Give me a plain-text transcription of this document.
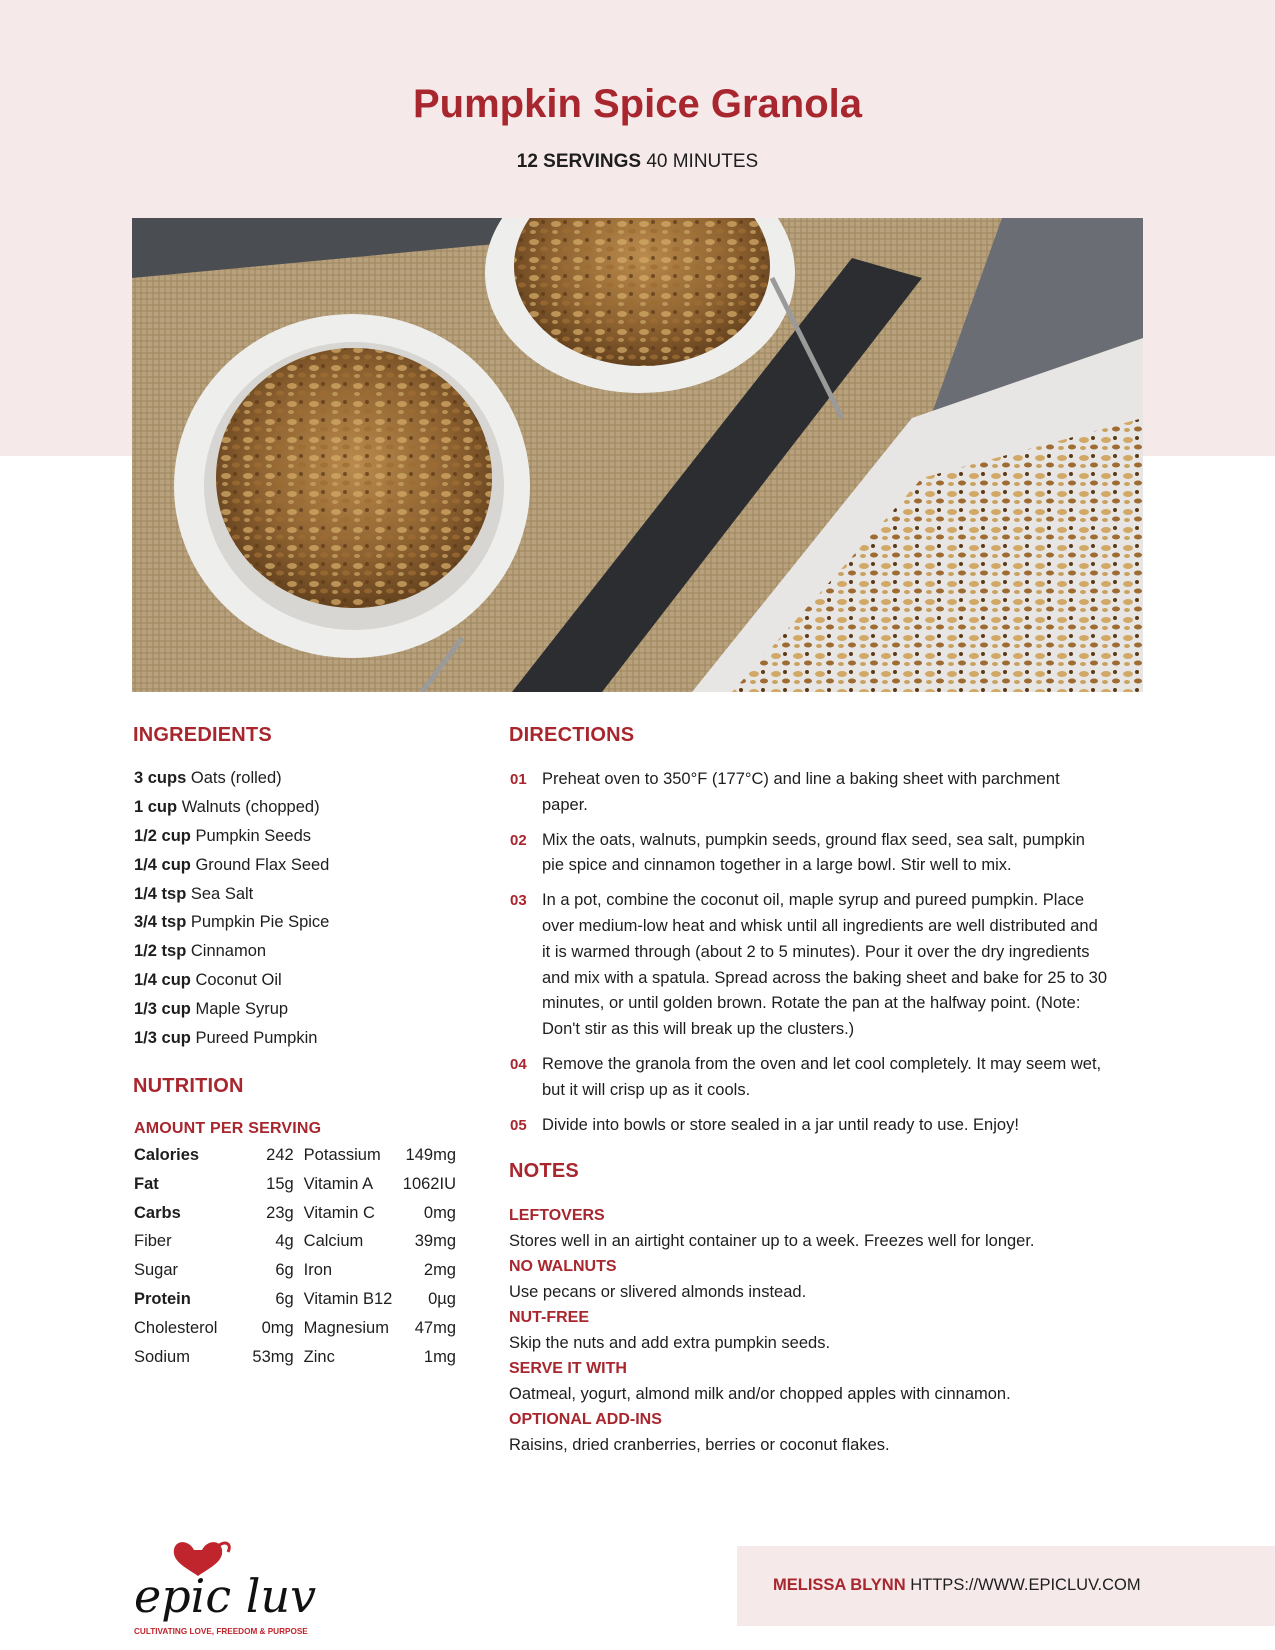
Pumpkin Spice Granola
12 SERVINGS 40 MINUTES
INGREDIENTS
3 cups Oats (rolled)
1 cup Walnuts (chopped)
1/2 cup Pumpkin Seeds
1/4 cup Ground Flax Seed
1/4 tsp Sea Salt
3/4 tsp Pumpkin Pie Spice
1/2 tsp Cinnamon
1/4 cup Coconut Oil
1/3 cup Maple Syrup
1/3 cup Pureed Pumpkin
NUTRITION
AMOUNT PER SERVING
Calories	242	Potassium	149mg
Fat	15g	Vitamin A	1062IU
Carbs	23g	Vitamin C	0mg
Fiber	4g	Calcium	39mg
Sugar	6g	Iron	2mg
Protein	6g	Vitamin B12	0µg
Cholesterol	0mg	Magnesium	47mg
Sodium	53mg	Zinc	1mg
DIRECTIONS
01 Preheat oven to 350°F (177°C) and line a baking sheet with parchment paper.
02 Mix the oats, walnuts, pumpkin seeds, ground flax seed, sea salt, pumpkin pie spice and cinnamon together in a large bowl. Stir well to mix.
03 In a pot, combine the coconut oil, maple syrup and pureed pumpkin. Place over medium-low heat and whisk until all ingredients are well distributed and it is warmed through (about 2 to 5 minutes). Pour it over the dry ingredients and mix with a spatula. Spread across the baking sheet and bake for 25 to 30 minutes, or until golden brown. Rotate the pan at the halfway point. (Note: Don't stir as this will break up the clusters.)
04 Remove the granola from the oven and let cool completely. It may seem wet, but it will crisp up as it cools.
05 Divide into bowls or store sealed in a jar until ready to use. Enjoy!
NOTES
LEFTOVERS
Stores well in an airtight container up to a week. Freezes well for longer.
NO WALNUTS
Use pecans or slivered almonds instead.
NUT-FREE
Skip the nuts and add extra pumpkin seeds.
SERVE IT WITH
Oatmeal, yogurt, almond milk and/or chopped apples with cinnamon.
OPTIONAL ADD-INS
Raisins, dried cranberries, berries or coconut flakes.
epic luv
CULTIVATING LOVE, FREEDOM & PURPOSE
MELISSA BLYNN HTTPS://WWW.EPICLUV.COM
